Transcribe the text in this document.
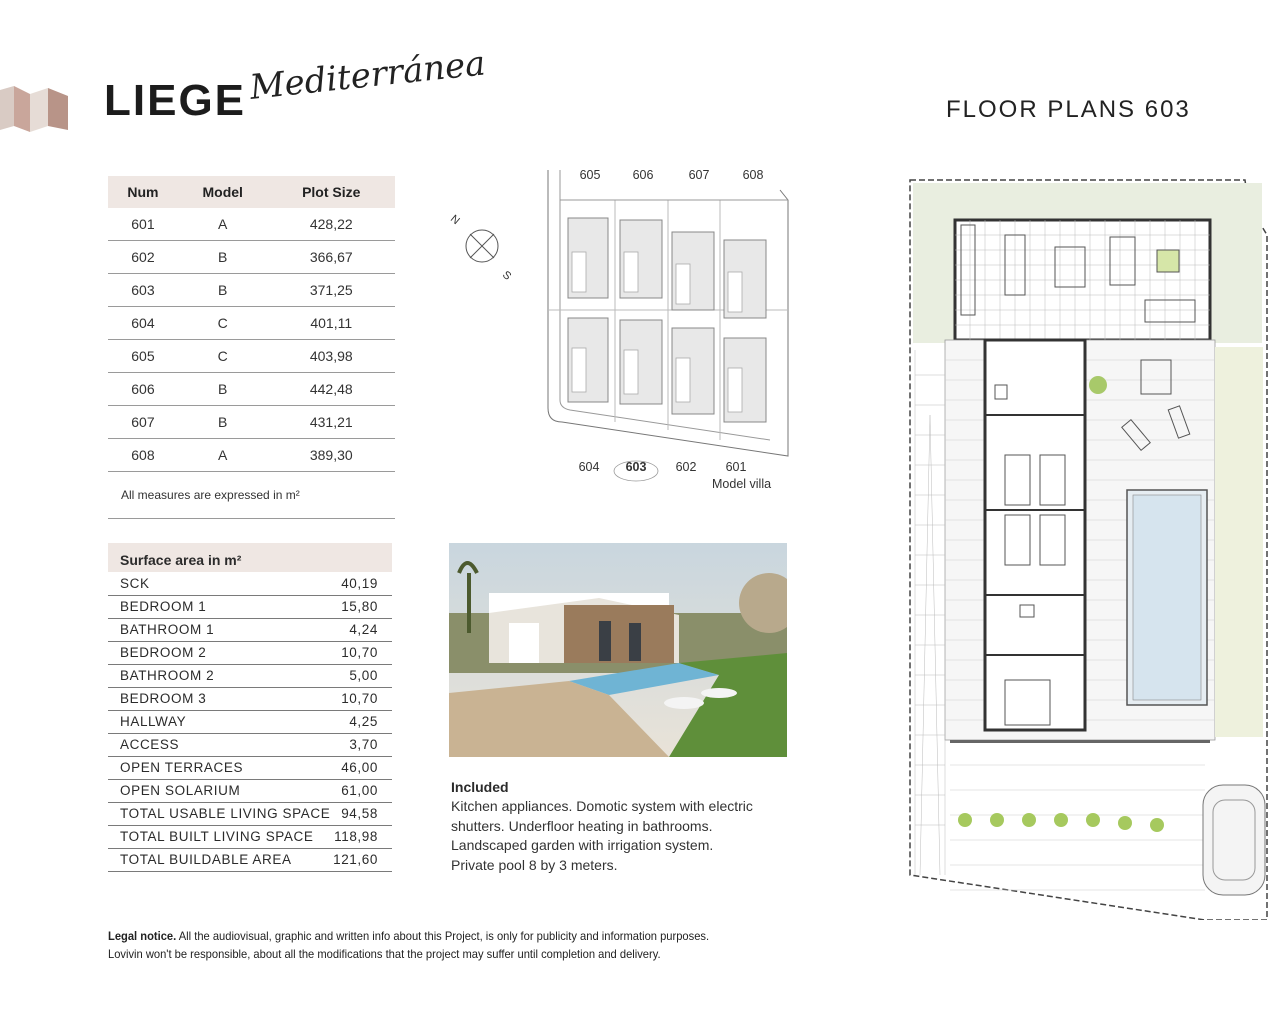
LIEGE Mediterránea
FLOOR PLANS 603
Num	Model	Plot Size
601	A	428,22
602	B	366,67
603	B	371,25
604	C	401,11
605	C	403,98
606	B	442,48
607	B	431,21
608	A	389,30
All measures are expressed in m²		
N
S
605	606	607	608
604 603 602 601
Model villa
Surface area in m²
SCK	40,19
BEDROOM 1	15,80
BATHROOM 1	4,24
BEDROOM 2	10,70
BATHROOM 2	5,00
BEDROOM 3	10,70
HALLWAY	4,25
ACCESS	3,70
OPEN TERRACES	46,00
OPEN SOLARIUM	61,00
TOTAL USABLE LIVING SPACE 94,58
TOTAL BUILT LIVING SPACE 118,98
TOTAL BUILDABLE AREA	121,60
Included
Kitchen appliances. Domotic system with electric
shutters. Underfloor heating in bathrooms.
Landscaped garden with irrigation system.
Private pool 8 by 3 meters.
Legal notice. All the audiovisual, graphic and written info about this Project, is only for publicity and information purposes.
Lovivin won't be responsible, about all the modifications that the project may suffer until completion and delivery.
